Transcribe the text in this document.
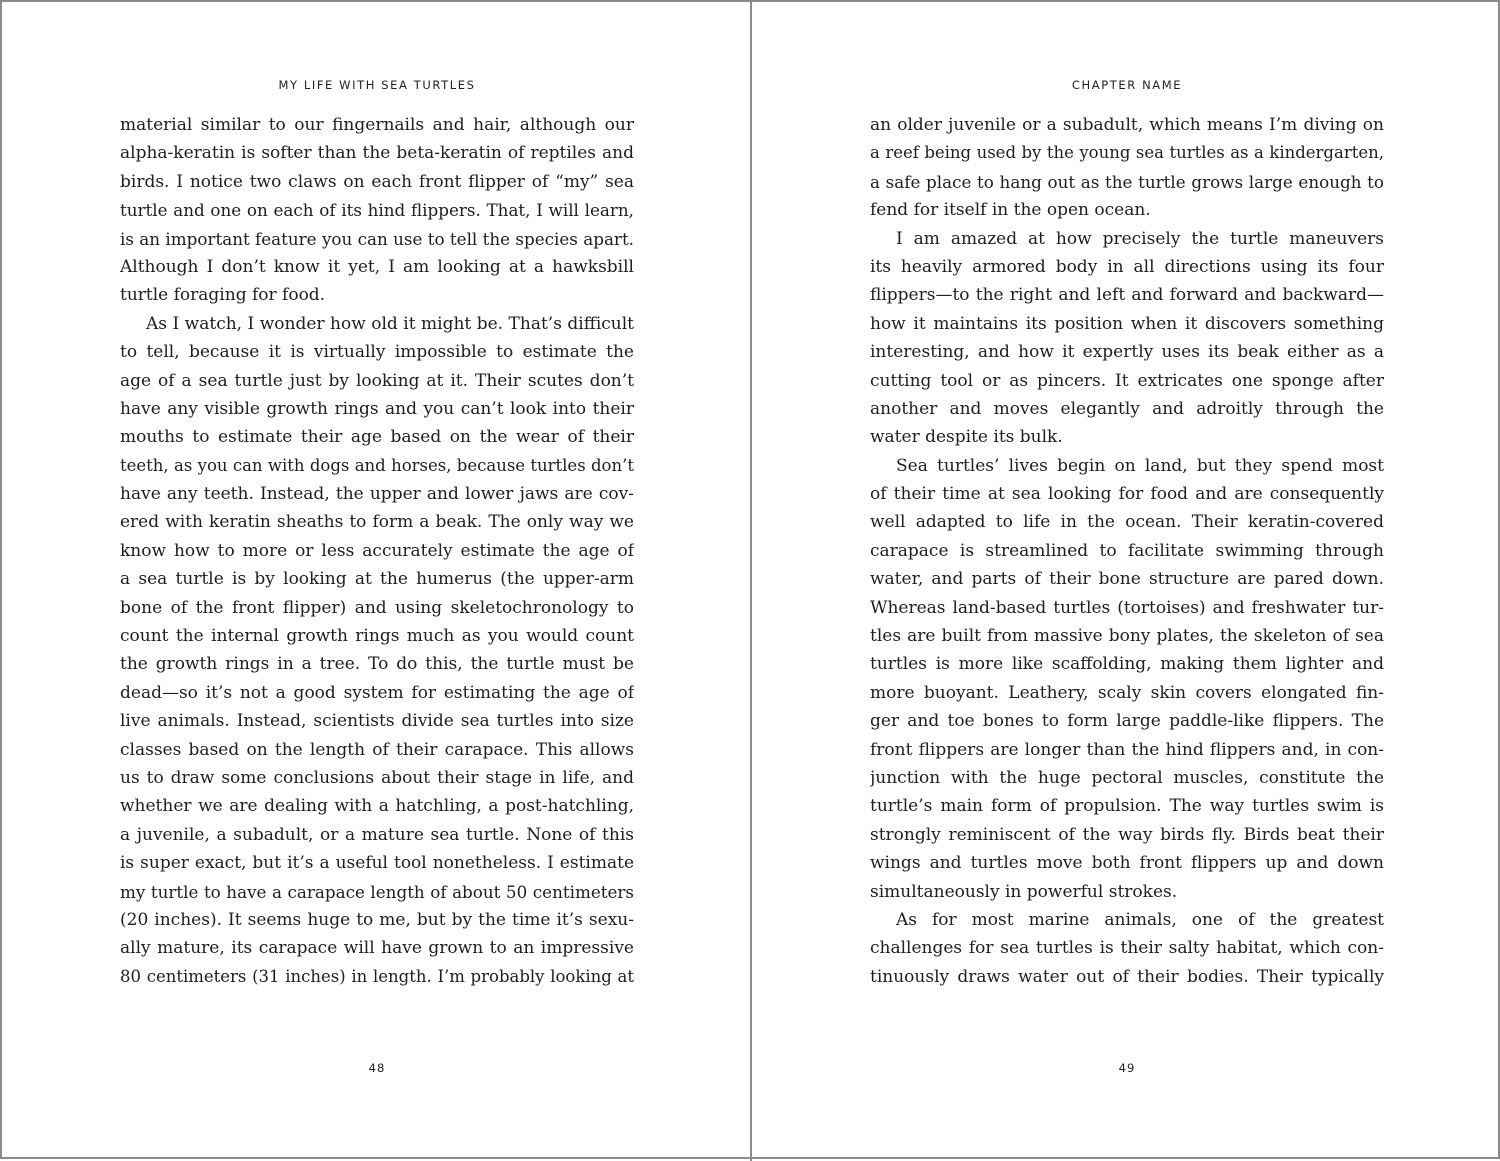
MY LIFE WITH SEA TURTLES
material similar to our fingernails and hair, although our
alpha-keratin is softer than the beta-keratin of reptiles and
birds. I notice two claws on each front flipper of “my” sea
turtle and one on each of its hind flippers. That, I will learn,
is an important feature you can use to tell the species apart.
Although I don’t know it yet, I am looking at a hawksbill
turtle foraging for food.
As I watch, I wonder how old it might be. That’s difficult
to tell, because it is virtually impossible to estimate the
age of a sea turtle just by looking at it. Their scutes don’t
have any visible growth rings and you can’t look into their
mouths to estimate their age based on the wear of their
teeth, as you can with dogs and horses, because turtles don’t
have any teeth. Instead, the upper and lower jaws are cov-
ered with keratin sheaths to form a beak. The only way we
know how to more or less accurately estimate the age of
a sea turtle is by looking at the humerus (the upper-arm
bone of the front flipper) and using skeletochronology to
count the internal growth rings much as you would count
the growth rings in a tree. To do this, the turtle must be
dead—so it’s not a good system for estimating the age of
live animals. Instead, scientists divide sea turtles into size
classes based on the length of their carapace. This allows
us to draw some conclusions about their stage in life, and
whether we are dealing with a hatchling, a post-hatchling,
a juvenile, a subadult, or a mature sea turtle. None of this
is super exact, but it’s a useful tool nonetheless. I estimate
my turtle to have a carapace length of about 50 centimeters
(20 inches). It seems huge to me, but by the time it’s sexu-
ally mature, its carapace will have grown to an impressive
80 centimeters (31 inches) in length. I’m probably looking at
48
CHAPTER NAME
an older juvenile or a subadult, which means I’m diving on
a reef being used by the young sea turtles as a kindergarten,
a safe place to hang out as the turtle grows large enough to
fend for itself in the open ocean.
I am amazed at how precisely the turtle maneuvers
its heavily armored body in all directions using its four
flippers—to the right and left and forward and backward—
how it maintains its position when it discovers something
interesting, and how it expertly uses its beak either as a
cutting tool or as pincers. It extricates one sponge after
another and moves elegantly and adroitly through the
water despite its bulk.
Sea turtles’ lives begin on land, but they spend most
of their time at sea looking for food and are consequently
well adapted to life in the ocean. Their keratin-covered
carapace is streamlined to facilitate swimming through
water, and parts of their bone structure are pared down.
Whereas land-based turtles (tortoises) and freshwater tur-
tles are built from massive bony plates, the skeleton of sea
turtles is more like scaffolding, making them lighter and
more buoyant. Leathery, scaly skin covers elongated fin-
ger and toe bones to form large paddle-like flippers. The
front flippers are longer than the hind flippers and, in con-
junction with the huge pectoral muscles, constitute the
turtle’s main form of propulsion. The way turtles swim is
strongly reminiscent of the way birds fly. Birds beat their
wings and turtles move both front flippers up and down
simultaneously in powerful strokes.
As for most marine animals, one of the greatest
challenges for sea turtles is their salty habitat, which con-
tinuously draws water out of their bodies. Their typically
49
